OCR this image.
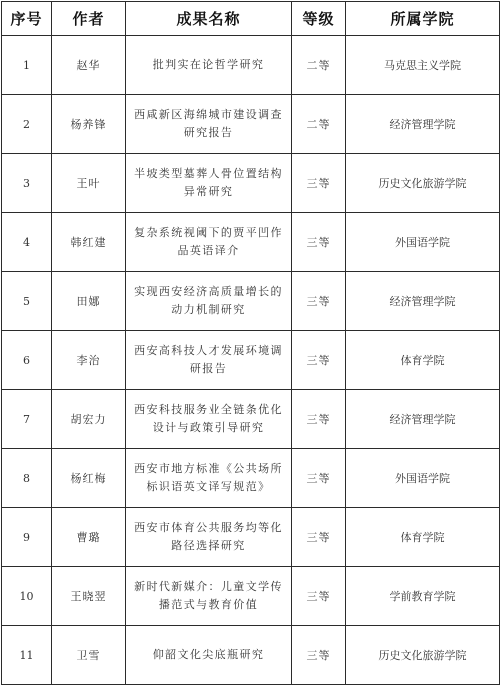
序号	作者	成果名称	等级	所属学院
1	赵华	批判实在论哲学研究	二等	马克思主义学院
2	杨养锋	西咸新区海绵城市建设调查研究报告	二等	经济管理学院
3	王叶	半坡类型墓葬人骨位置结构异常研究	三等	历史文化旅游学院
4	韩红建	复杂系统视阈下的贾平凹作品英语译介	三等	外国语学院
5	田娜	实现西安经济高质量增长的动力机制研究	三等	经济管理学院
6	李治	西安高科技人才发展环境调研报告	三等	体育学院
7	胡宏力	西安科技服务业全链条优化设计与政策引导研究	三等	经济管理学院
8	杨红梅	西安市地方标准《公共场所标识语英文译写规范》	三等	外国语学院
9	曹璐	西安市体育公共服务均等化路径选择研究	三等	体育学院
10	王晓翌	新时代新媒介：儿童文学传播范式与教育价值	三等	学前教育学院
11	卫雪	仰韶文化尖底瓶研究	三等	历史文化旅游学院
